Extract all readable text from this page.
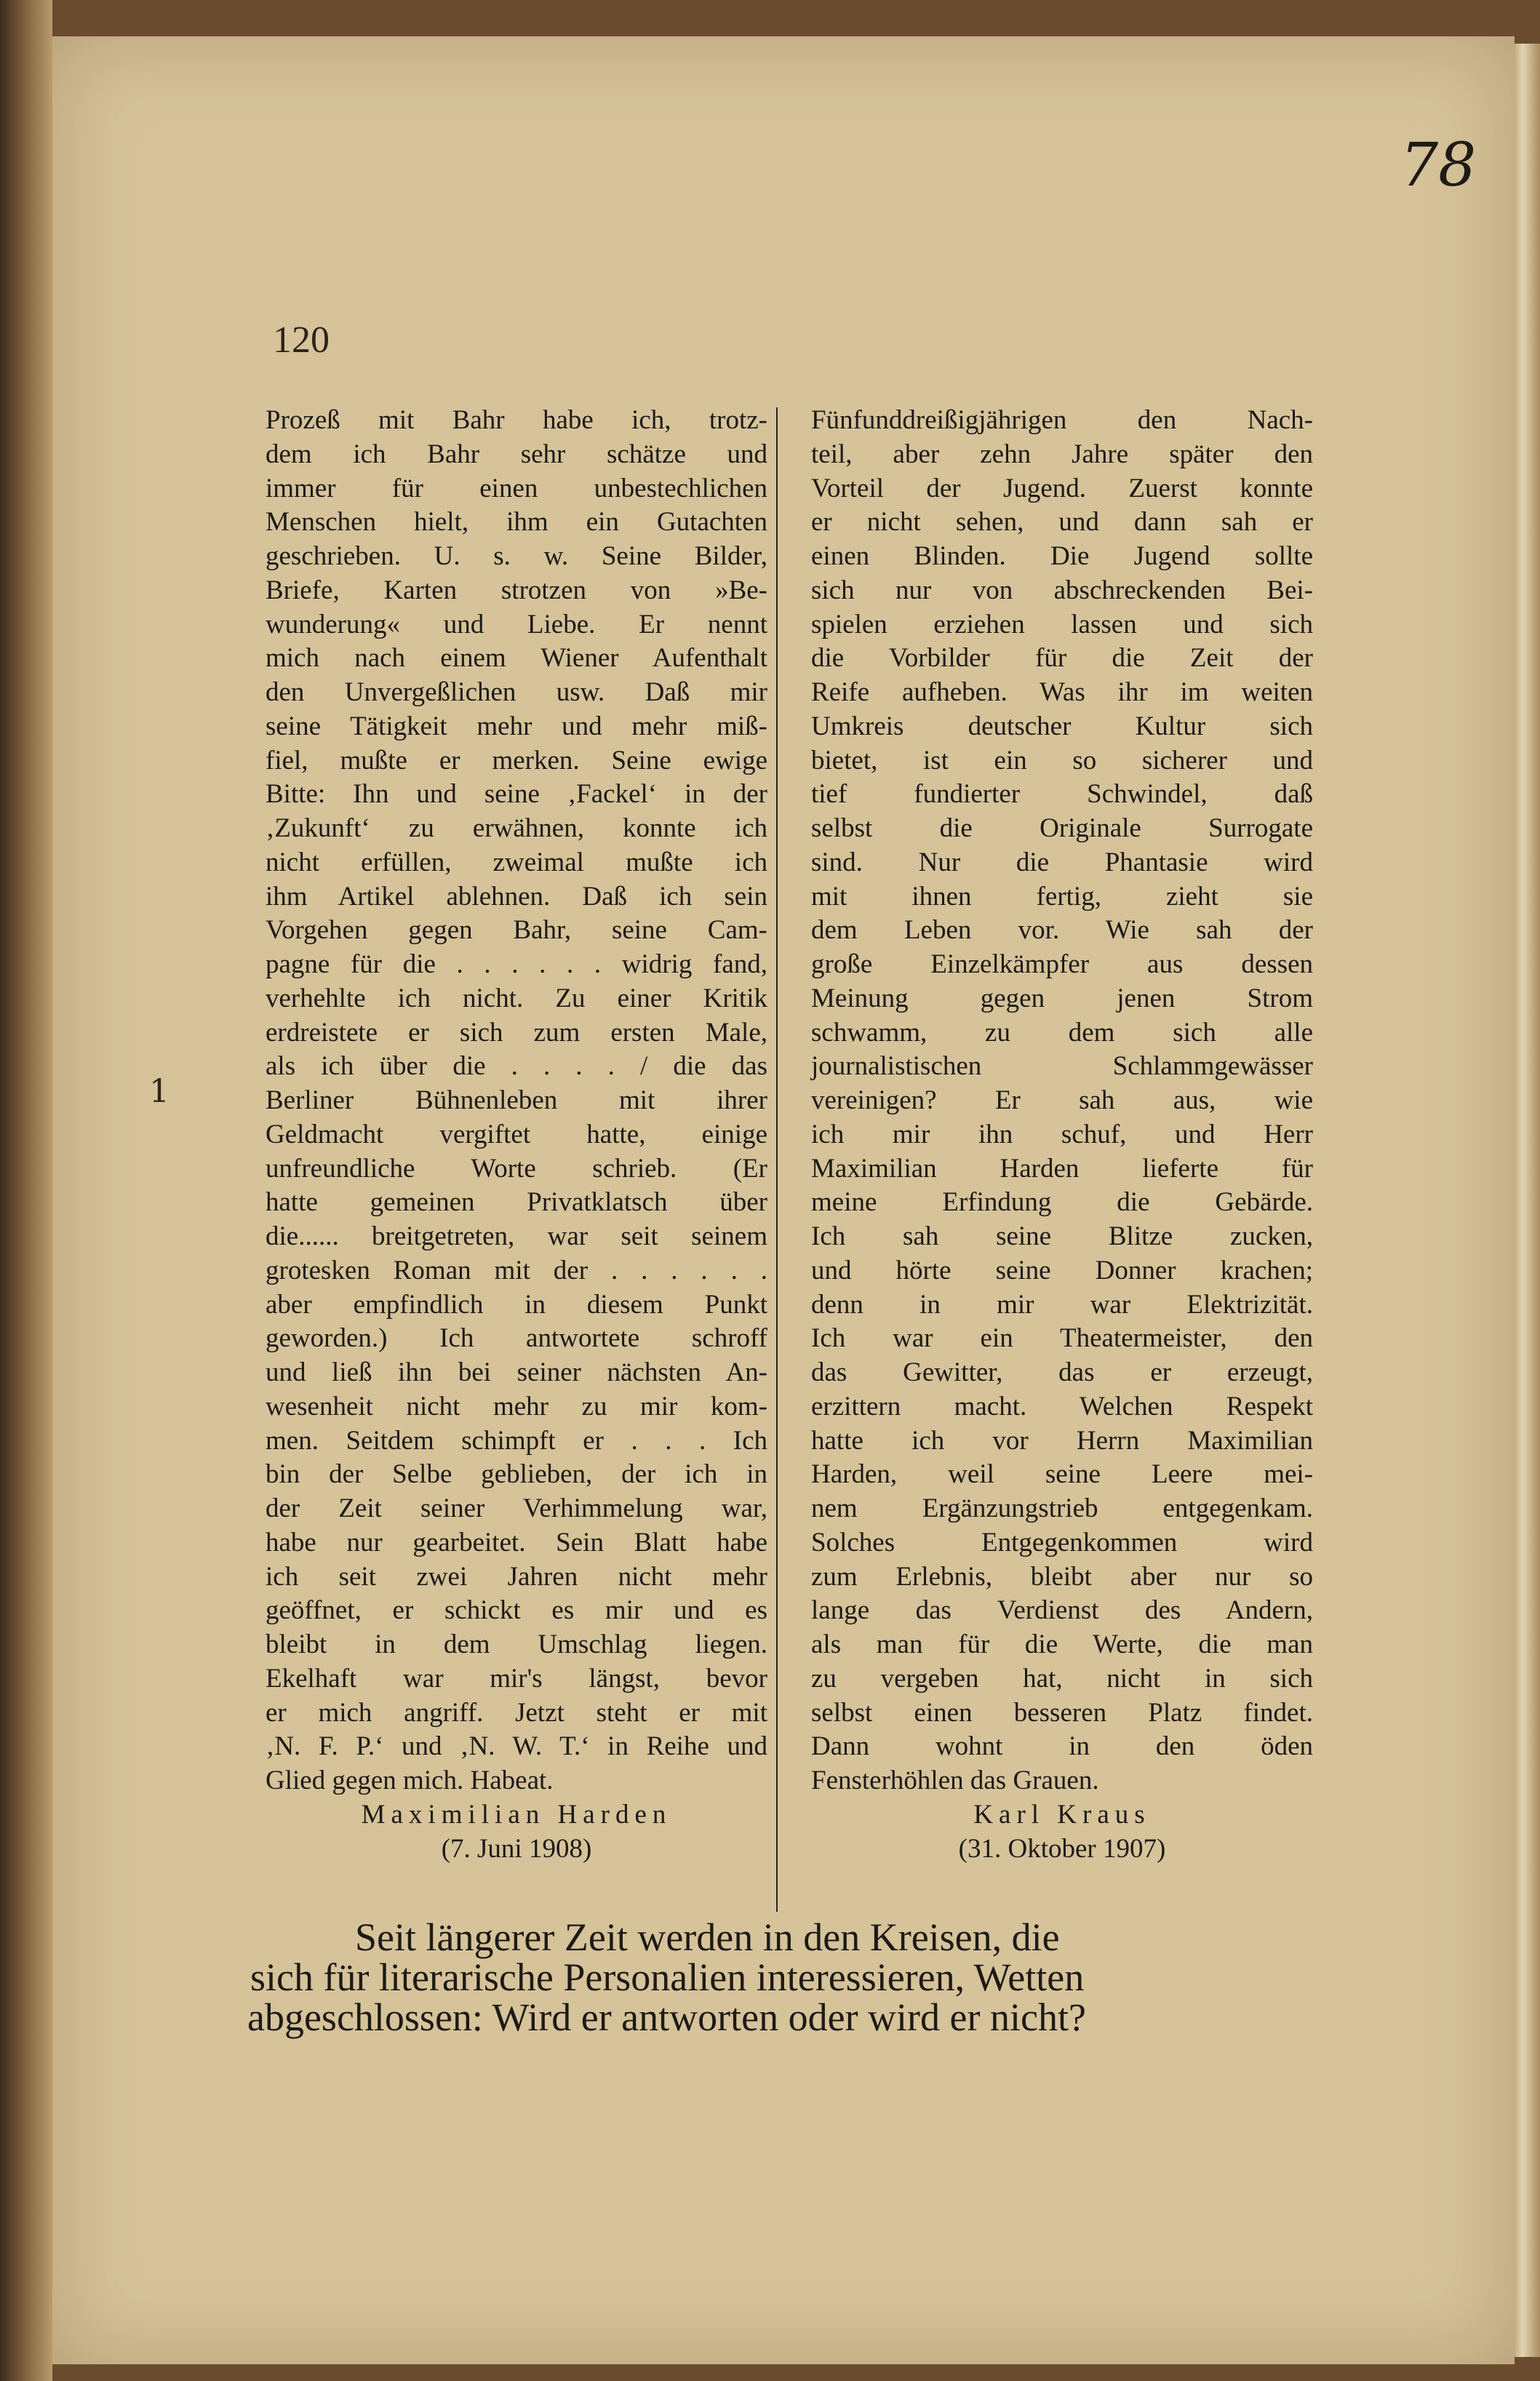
78
120
1
Prozeß mit Bahr habe ich, trotz-
dem ich Bahr sehr schätze und
immer für einen unbestechlichen
Menschen hielt, ihm ein Gutachten
geschrieben. U. s. w. Seine Bilder,
Briefe, Karten strotzen von »Be-
wunderung« und Liebe. Er nennt
mich nach einem Wiener Aufenthalt
den Unvergeßlichen usw. Daß mir
seine Tätigkeit mehr und mehr miß-
fiel, mußte er merken. Seine ewige
Bitte: Ihn und seine ‚Fackel‘ in der
‚Zukunft‘ zu erwähnen, konnte ich
nicht erfüllen, zweimal mußte ich
ihm Artikel ablehnen. Daß ich sein
Vorgehen gegen Bahr, seine Cam-
pagne für die . . . . . . widrig fand,
verhehlte ich nicht. Zu einer Kritik
erdreistete er sich zum ersten Male,
als ich über die . . . . / die das
Berliner Bühnenleben mit ihrer
Geldmacht vergiftet hatte, einige
unfreundliche Worte schrieb. (Er
hatte gemeinen Privatklatsch über
die...... breitgetreten, war seit seinem
grotesken Roman mit der . . . . . .
aber empfindlich in diesem Punkt
geworden.) Ich antwortete schroff
und ließ ihn bei seiner nächsten An-
wesenheit nicht mehr zu mir kom-
men. Seitdem schimpft er . . . Ich
bin der Selbe geblieben, der ich in
der Zeit seiner Verhimmelung war,
habe nur gearbeitet. Sein Blatt habe
ich seit zwei Jahren nicht mehr
geöffnet, er schickt es mir und es
bleibt in dem Umschlag liegen.
Ekelhaft war mir's längst, bevor
er mich angriff. Jetzt steht er mit
‚N. F. P.‘ und ‚N. W. T.‘ in Reihe und
Glied gegen mich. Habeat.
Maximilian Harden
(7. Juni 1908)
Fünfunddreißigjährigen den Nach-
teil, aber zehn Jahre später den
Vorteil der Jugend. Zuerst konnte
er nicht sehen, und dann sah er
einen Blinden. Die Jugend sollte
sich nur von abschreckenden Bei-
spielen erziehen lassen und sich
die Vorbilder für die Zeit der
Reife aufheben. Was ihr im weiten
Umkreis deutscher Kultur sich
bietet, ist ein so sicherer und
tief fundierter Schwindel, daß
selbst die Originale Surrogate
sind. Nur die Phantasie wird
mit ihnen fertig, zieht sie
dem Leben vor. Wie sah der
große Einzelkämpfer aus dessen
Meinung gegen jenen Strom
schwamm, zu dem sich alle
journalistischen Schlammgewässer
vereinigen? Er sah aus, wie
ich mir ihn schuf, und Herr
Maximilian Harden lieferte für
meine Erfindung die Gebärde.
Ich sah seine Blitze zucken,
und hörte seine Donner krachen;
denn in mir war Elektrizität.
Ich war ein Theatermeister, den
das Gewitter, das er erzeugt,
erzittern macht. Welchen Respekt
hatte ich vor Herrn Maximilian
Harden, weil seine Leere mei-
nem Ergänzungstrieb entgegenkam.
Solches Entgegenkommen wird
zum Erlebnis, bleibt aber nur so
lange das Verdienst des Andern,
als man für die Werte, die man
zu vergeben hat, nicht in sich
selbst einen besseren Platz findet.
Dann wohnt in den öden
Fensterhöhlen das Grauen.
Karl Kraus
(31. Oktober 1907)
Seit längerer Zeit werden in den Kreisen, die
sich für literarische Personalien interessieren, Wetten
abgeschlossen: Wird er antworten oder wird er nicht?
